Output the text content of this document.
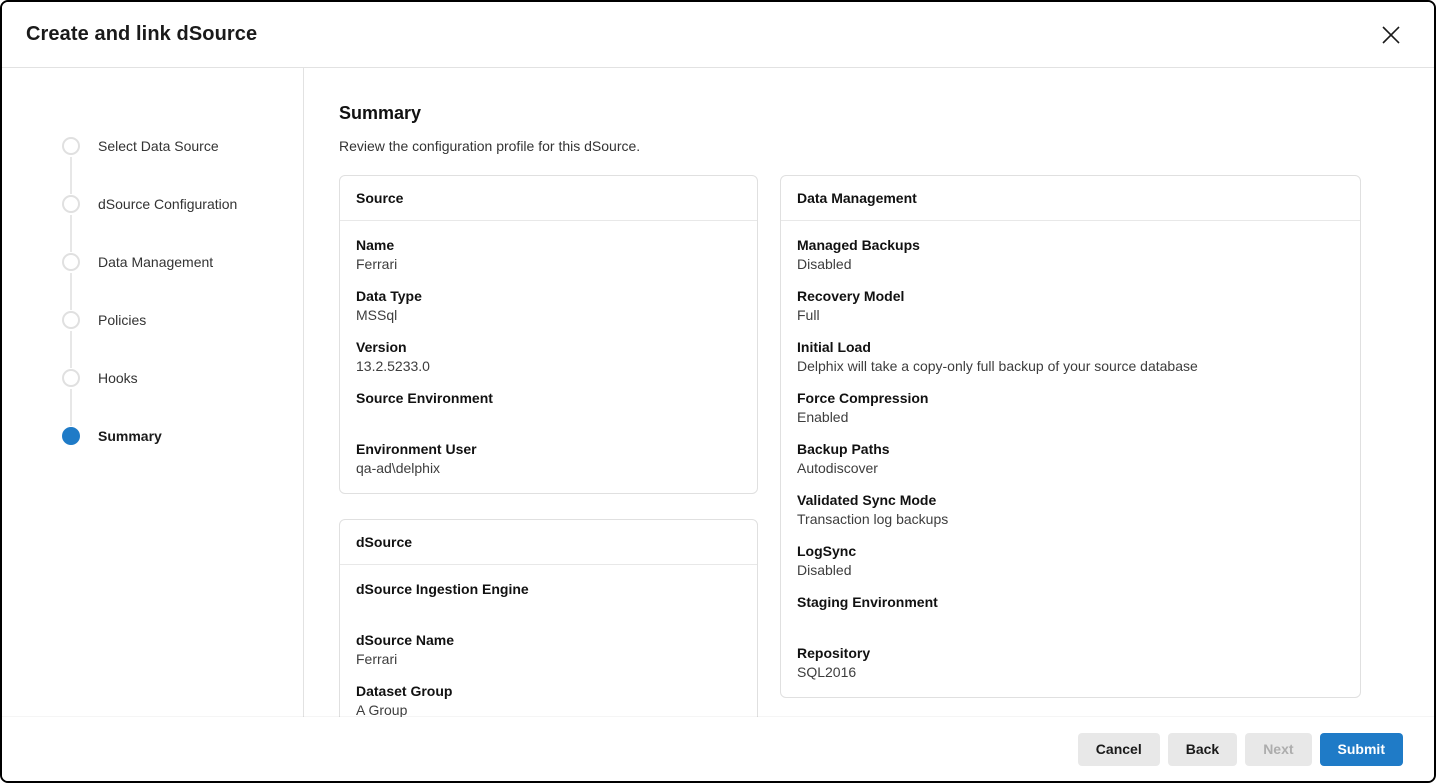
Create and link dSource
Select Data Source
dSource Configuration
Data Management
Policies
Hooks
Summary
Summary

Review the configuration profile for this dSource.

Source
Name
Ferrari
Data Type
MSSql
Version
13.2.5233.0
Source Environment
Environment User
qa-ad\delphix
dSource
dSource Ingestion Engine
dSource Name
Ferrari
Dataset Group
A Group
Data Management
Managed Backups
Disabled
Recovery Model
Full
Initial Load
Delphix will take a copy-only full backup of your source database
Force Compression
Enabled
Backup Paths
Autodiscover
Validated Sync Mode
Transaction log backups
LogSync
Disabled
Staging Environment
Repository
SQL2016
Cancel	Back	Next	Submit
